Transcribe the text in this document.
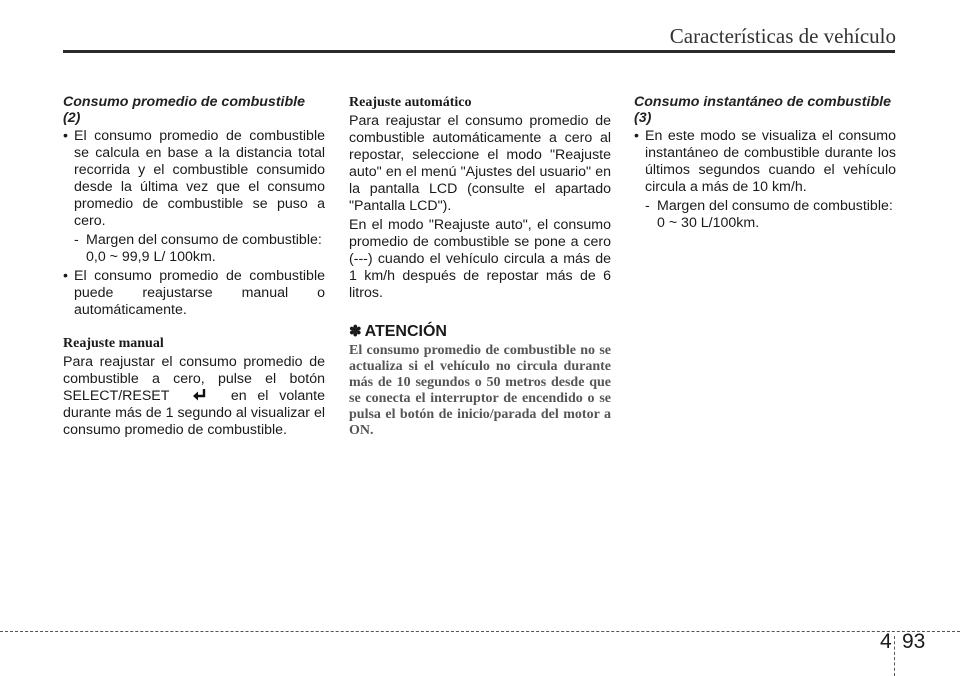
Características de vehículo
Consumo promedio de combustible (2)
• El consumo promedio de combustible se calcula en base a la distancia total recorrida y el combustible consumido desde la última vez que el consumo promedio de combustible se puso a cero.
- Margen del consumo de combustible: 0,0 ~ 99,9 L/ 100km.
• El consumo promedio de combustible puede reajustarse manual o automáticamente.
Reajuste manual

Para reajustar el consumo promedio de combustible a cero, pulse el botón SELECT/RESET	en el volante durante más de 1 segundo al visualizar el consumo promedio de combustible.

Reajuste automático

Para reajustar el consumo promedio de combustible automáticamente a cero al repostar, seleccione el modo "Reajuste auto" en el menú "Ajustes del usuario" en la pantalla LCD (consulte el apartado "Pantalla LCD").

En el modo "Reajuste auto", el consumo promedio de combustible se pone a cero (---) cuando el vehículo circula a más de 1 km/h después de repostar más de 6 litros.

✽ ATENCIÓN

El consumo promedio de combustible no se actualiza si el vehículo no circula durante más de 10 segundos o 50 metros desde que se conecta el interruptor de encendido o se pulsa el botón de inicio/parada del motor a ON.

Consumo instantáneo de combustible (3)
• En este modo se visualiza el consumo instantáneo de combustible durante los últimos segundos cuando el vehículo circula a más de 10 km/h.
- Margen del consumo de combustible: 0 ~ 30 L/100km.
4 93
